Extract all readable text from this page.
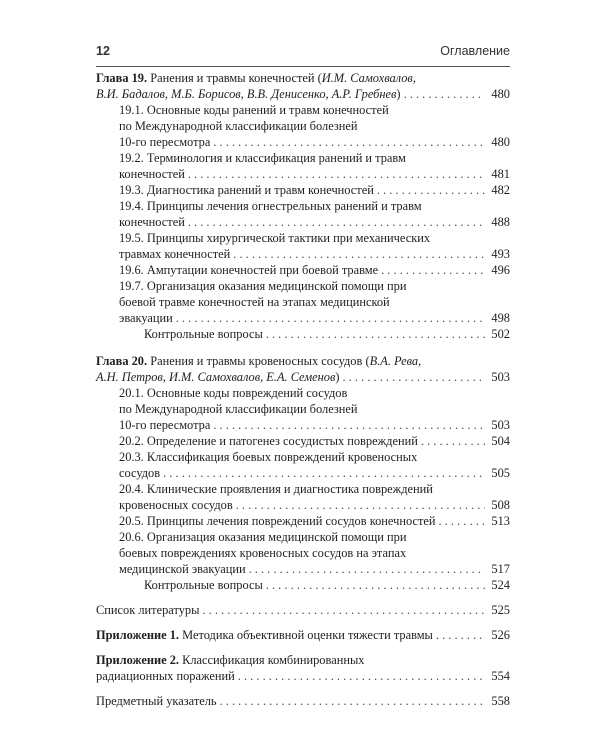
12	Оглавление
Глава 19. Ранения и травмы конечностей (И.М. Самохвалов,
В.И. Бадалов, М.Б. Борисов, В.В. Денисенко, А.Р. Гребнев) . . .	480
19.1. Основные коды ранений и травм конечностей
по Международной классификации болезней
10-го пересмотра . . .	480
19.2. Терминология и классификация ранений и травм
конечностей . . .	481
19.3. Диагностика ранений и травм конечностей . . .	482
19.4. Принципы лечения огнестрельных ранений и травм
конечностей . . .	488
19.5. Принципы хирургической тактики при механических
травмах конечностей . . .	493
19.6. Ампутации конечностей при боевой травме . . .	496
19.7. Организация оказания медицинской помощи при
боевой травме конечностей на этапах медицинской
эвакуации . . .	498
Контрольные вопросы . . .	502
Глава 20. Ранения и травмы кровеносных сосудов (В.А. Рева,
А.Н. Петров, И.М. Самохвалов, Е.А. Семенов) . . .	503
20.1. Основные коды повреждений сосудов
по Международной классификации болезней
10-го пересмотра . . .	503
20.2. Определение и патогенез сосудистых повреждений . . .	504
20.3. Классификация боевых повреждений кровеносных
сосудов . . .	505
20.4. Клинические проявления и диагностика повреждений
кровеносных сосудов . . .	508
20.5. Принципы лечения повреждений сосудов конечностей . . .	513
20.6. Организация оказания медицинской помощи при
боевых повреждениях кровеносных сосудов на этапах
медицинской эвакуации . . .	517
Контрольные вопросы . . .	524
Список литературы . . .	525
Приложение 1. Методика объективной оценки тяжести травмы . . .	526
Приложение 2. Классификация комбинированных
радиационных поражений . . .	554
Предметный указатель . . .	558
